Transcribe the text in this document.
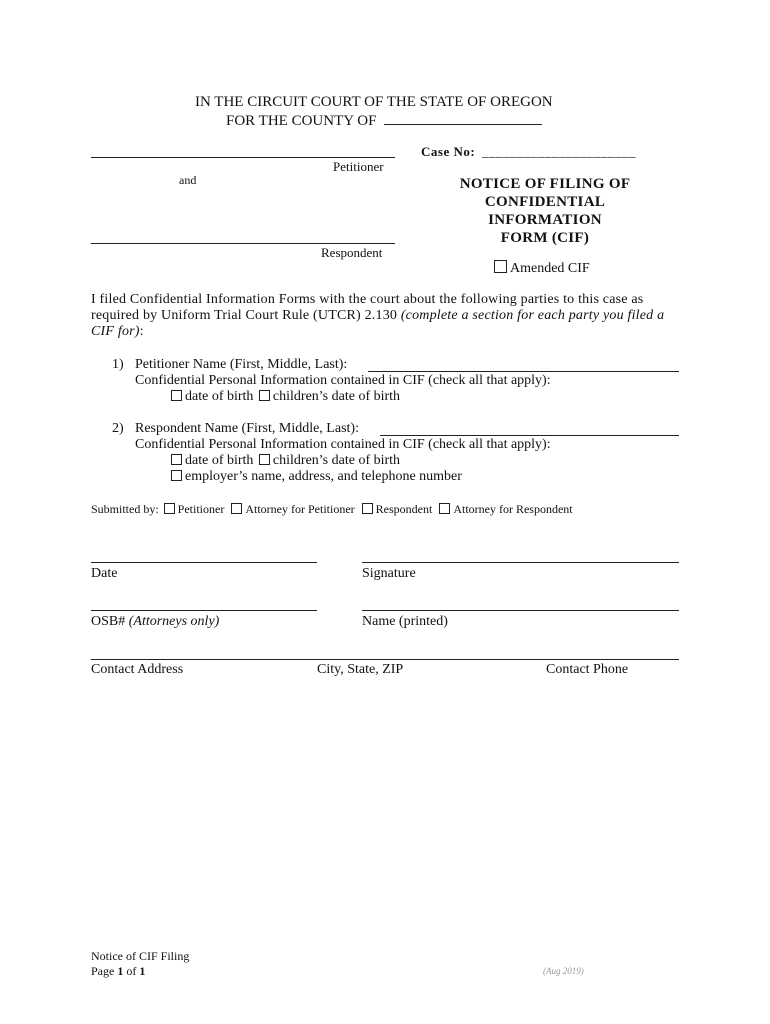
IN THE CIRCUIT COURT OF THE STATE OF OREGON
FOR THE COUNTY OF
Petitioner
and
Respondent
Case No: ______________________
NOTICE OF FILING OF
CONFIDENTIAL
INFORMATION
FORM (CIF)
Amended CIF
I filed Confidential Information Forms with the court about the following parties to this case as required by Uniform Trial Court Rule (UTCR) 2.130 (complete a section for each party you filed a CIF for):
1) Petitioner Name (First, Middle, Last):
Confidential Personal Information contained in CIF (check all that apply):
date of birth children’s date of birth
2) Respondent Name (First, Middle, Last):
Confidential Personal Information contained in CIF (check all that apply):
date of birth children’s date of birth
employer’s name, address, and telephone number
Submitted by: Petitioner Attorney for Petitioner Respondent Attorney for Respondent
Date	Signature
OSB# (Attorneys only)	Name (printed)
Contact Address	City, State, ZIP	Contact Phone
Notice of CIF Filing
Page 1 of 1	(Aug 2019)
